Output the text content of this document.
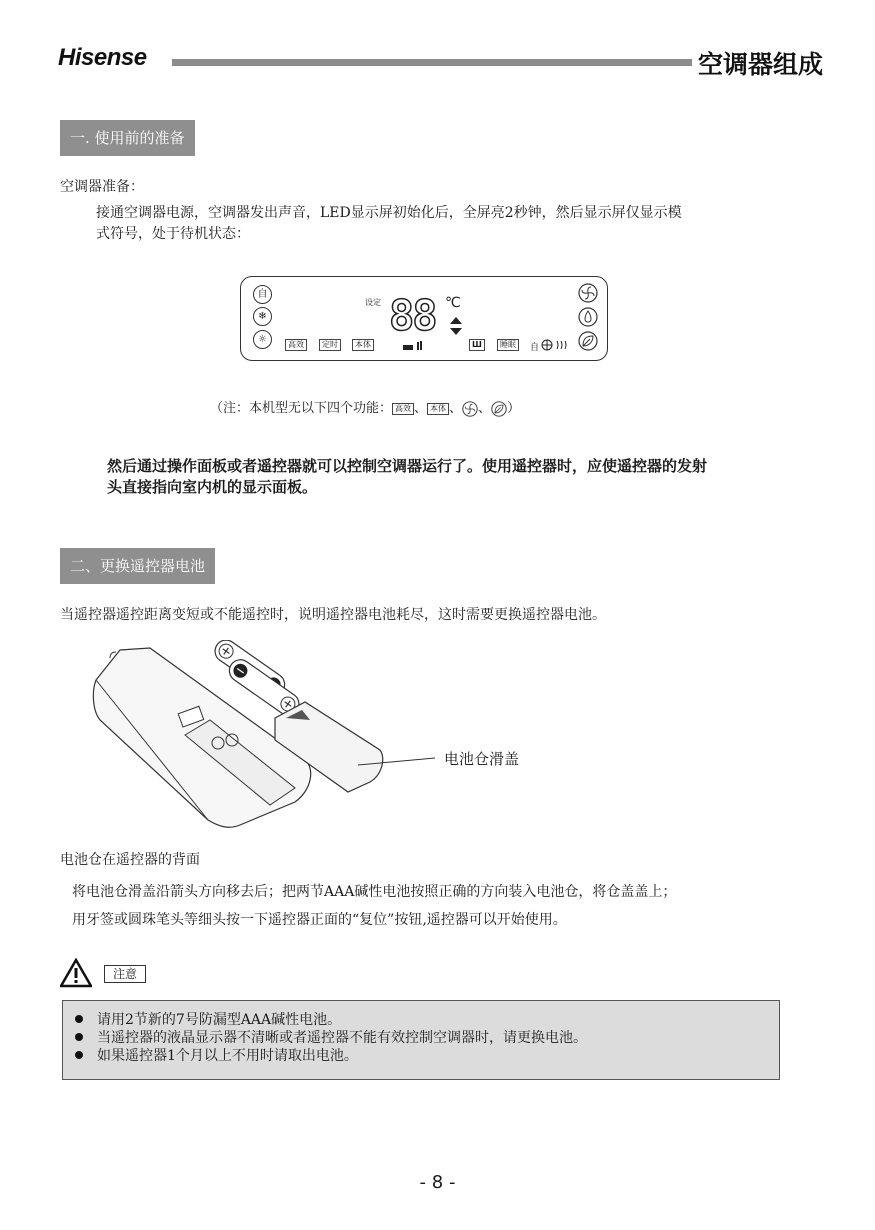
Hisense	空调器组成
一. 使用前的准备
空调器准备：
接通空调器电源，空调器发出声音，LED显示屏初始化后，全屏亮2秒钟，然后显示屏仅显示模
式符号，处于待机状态：
自
❄
☼	高效	定时	本体
设定 88 ℃
Ш	睡眠	自
（注：本机型无以下四个功能： 高效 、 本体 、 、 ）
然后通过操作面板或者遥控器就可以控制空调器运行了。使用遥控器时，应使遥控器的发射
头直接指向室内机的显示面板。
二、更换遥控器电池
当遥控器遥控距离变短或不能遥控时，说明遥控器电池耗尽，这时需要更换遥控器电池。
电池仓滑盖
电池仓在遥控器的背面
将电池仓滑盖沿箭头方向移去后；把两节AAA碱性电池按照正确的方向装入电池仓，将仓盖盖上；
用牙签或圆珠笔头等细头按一下遥控器正面的“复位”按钮,遥控器可以开始使用。
注意
请用2节新的7号防漏型AAA碱性电池。
当遥控器的液晶显示器不清晰或者遥控器不能有效控制空调器时，请更换电池。
如果遥控器1个月以上不用时请取出电池。
- 8 -
